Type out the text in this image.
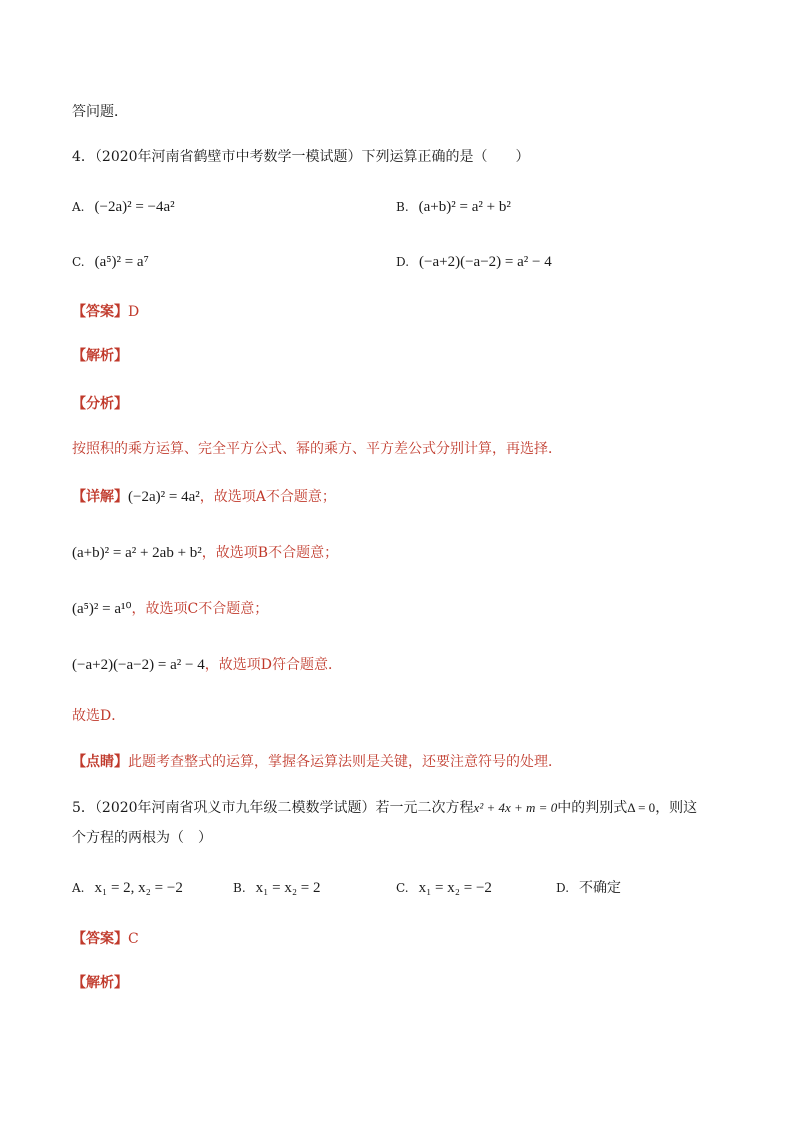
答问题．
4．（2020年河南省鹤壁市中考数学一模试题）下列运算正确的是（　　）
A. (−2a)² = −4a²	B. (a+b)² = a² + b²
C. (a⁵)² = a⁷	D. (−a+2)(−a−2) = a² − 4
【答案】D
【解析】
【分析】
按照积的乘方运算、完全平方公式、幂的乘方、平方差公式分别计算，再选择．
【详解】(−2a)² = 4a²，故选项A不合题意；
(a+b)² = a² + 2ab + b²，故选项B不合题意；
(a⁵)² = a¹⁰，故选项C不合题意；
(−a+2)(−a−2) = a² − 4，故选项D符合题意．
故选D．
【点睛】此题考查整式的运算，掌握各运算法则是关键，还要注意符号的处理．
5．（2020年河南省巩义市九年级二模数学试题）若一元二次方程x² + 4x + m = 0中的判别式Δ = 0，则这
个方程的两根为（　）
A. x₁ = 2, x₂ = −2	B. x₁ = x₂ = 2	C. x₁ = x₂ = −2	D. 不确定
【答案】C
【解析】
